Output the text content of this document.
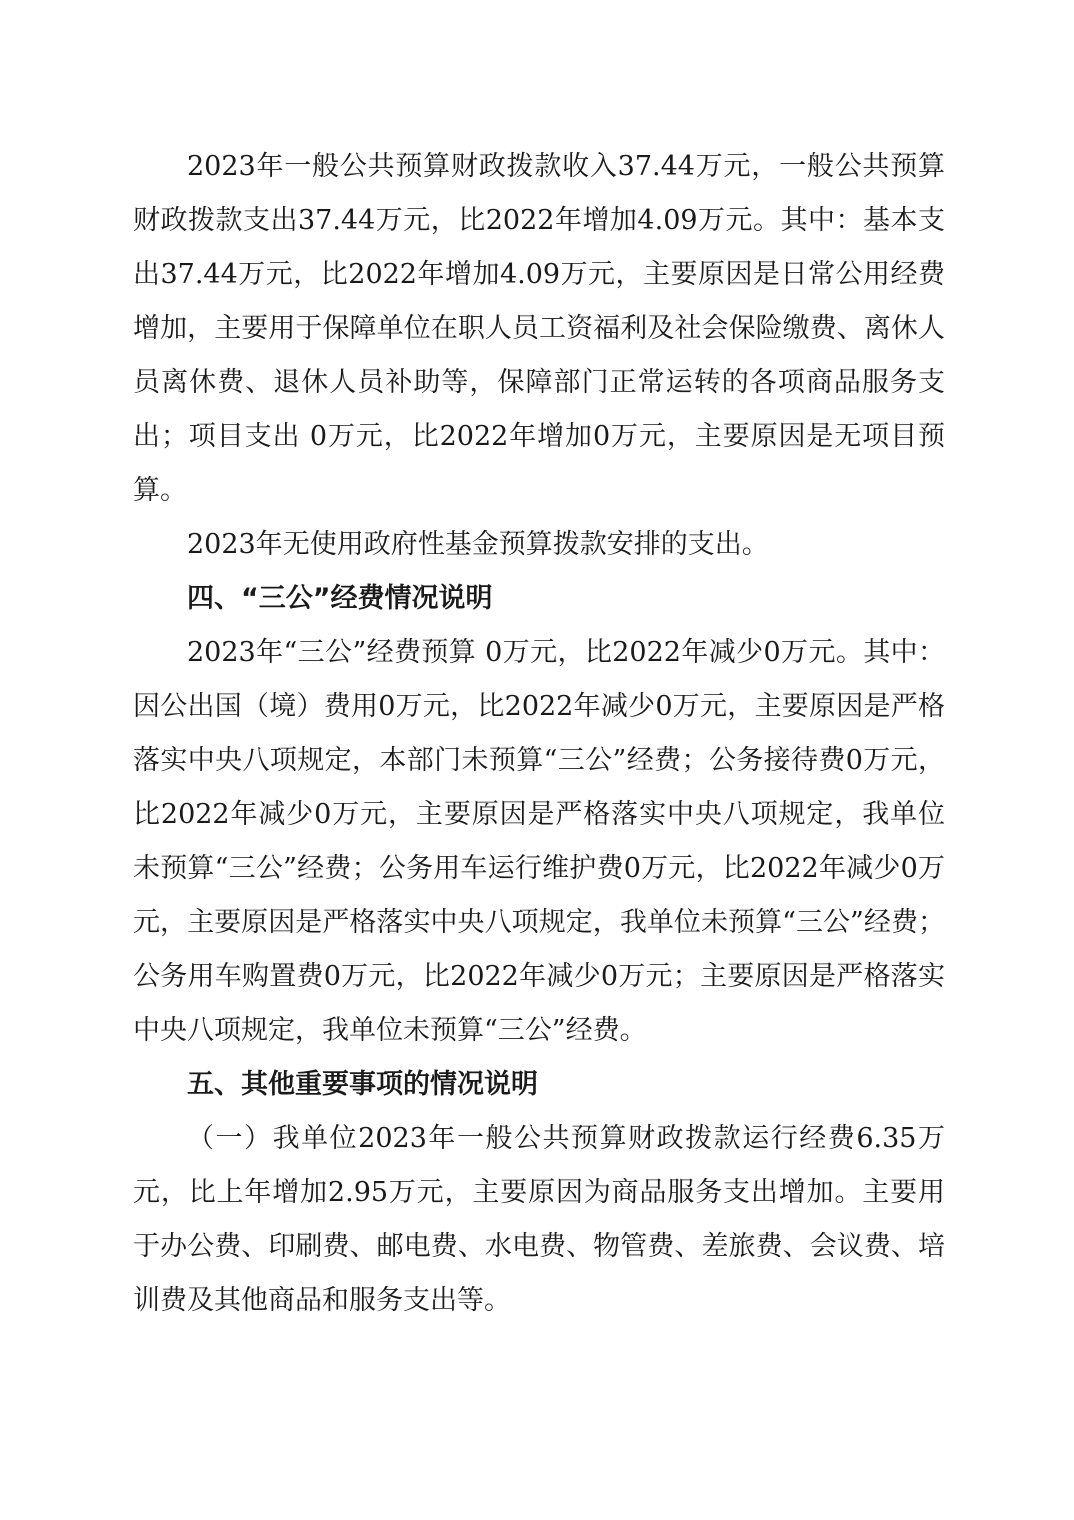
2023年一般公共预算财政拨款收入37.44万元，一般公共预算财政拨款支出37.44万元，比2022年增加4.09万元。其中：基本支出37.44万元，比2022年增加4.09万元，主要原因是日常公用经费增加，主要用于保障单位在职人员工资福利及社会保险缴费、离休人员离休费、退休人员补助等，保障部门正常运转的各项商品服务支出；项目支出 0万元，比2022年增加0万元，主要原因是无项目预算。

2023年无使用政府性基金预算拨款安排的支出。

四、“三公”经费情况说明

2023年“三公”经费预算 0万元，比2022年减少0万元。其中：因公出国（境）费用0万元，比2022年减少0万元，主要原因是严格落实中央八项规定，本部门未预算“三公”经费；公务接待费0万元，比2022年减少0万元，主要原因是严格落实中央八项规定，我单位未预算“三公”经费；公务用车运行维护费0万元，比2022年减少0万元，主要原因是严格落实中央八项规定，我单位未预算“三公”经费；公务用车购置费0万元，比2022年减少0万元；主要原因是严格落实中央八项规定，我单位未预算“三公”经费。

五、其他重要事项的情况说明

（一）我单位2023年一般公共预算财政拨款运行经费6.35万元，比上年增加2.95万元，主要原因为商品服务支出增加。主要用于办公费、印刷费、邮电费、水电费、物管费、差旅费、会议费、培训费及其他商品和服务支出等。
